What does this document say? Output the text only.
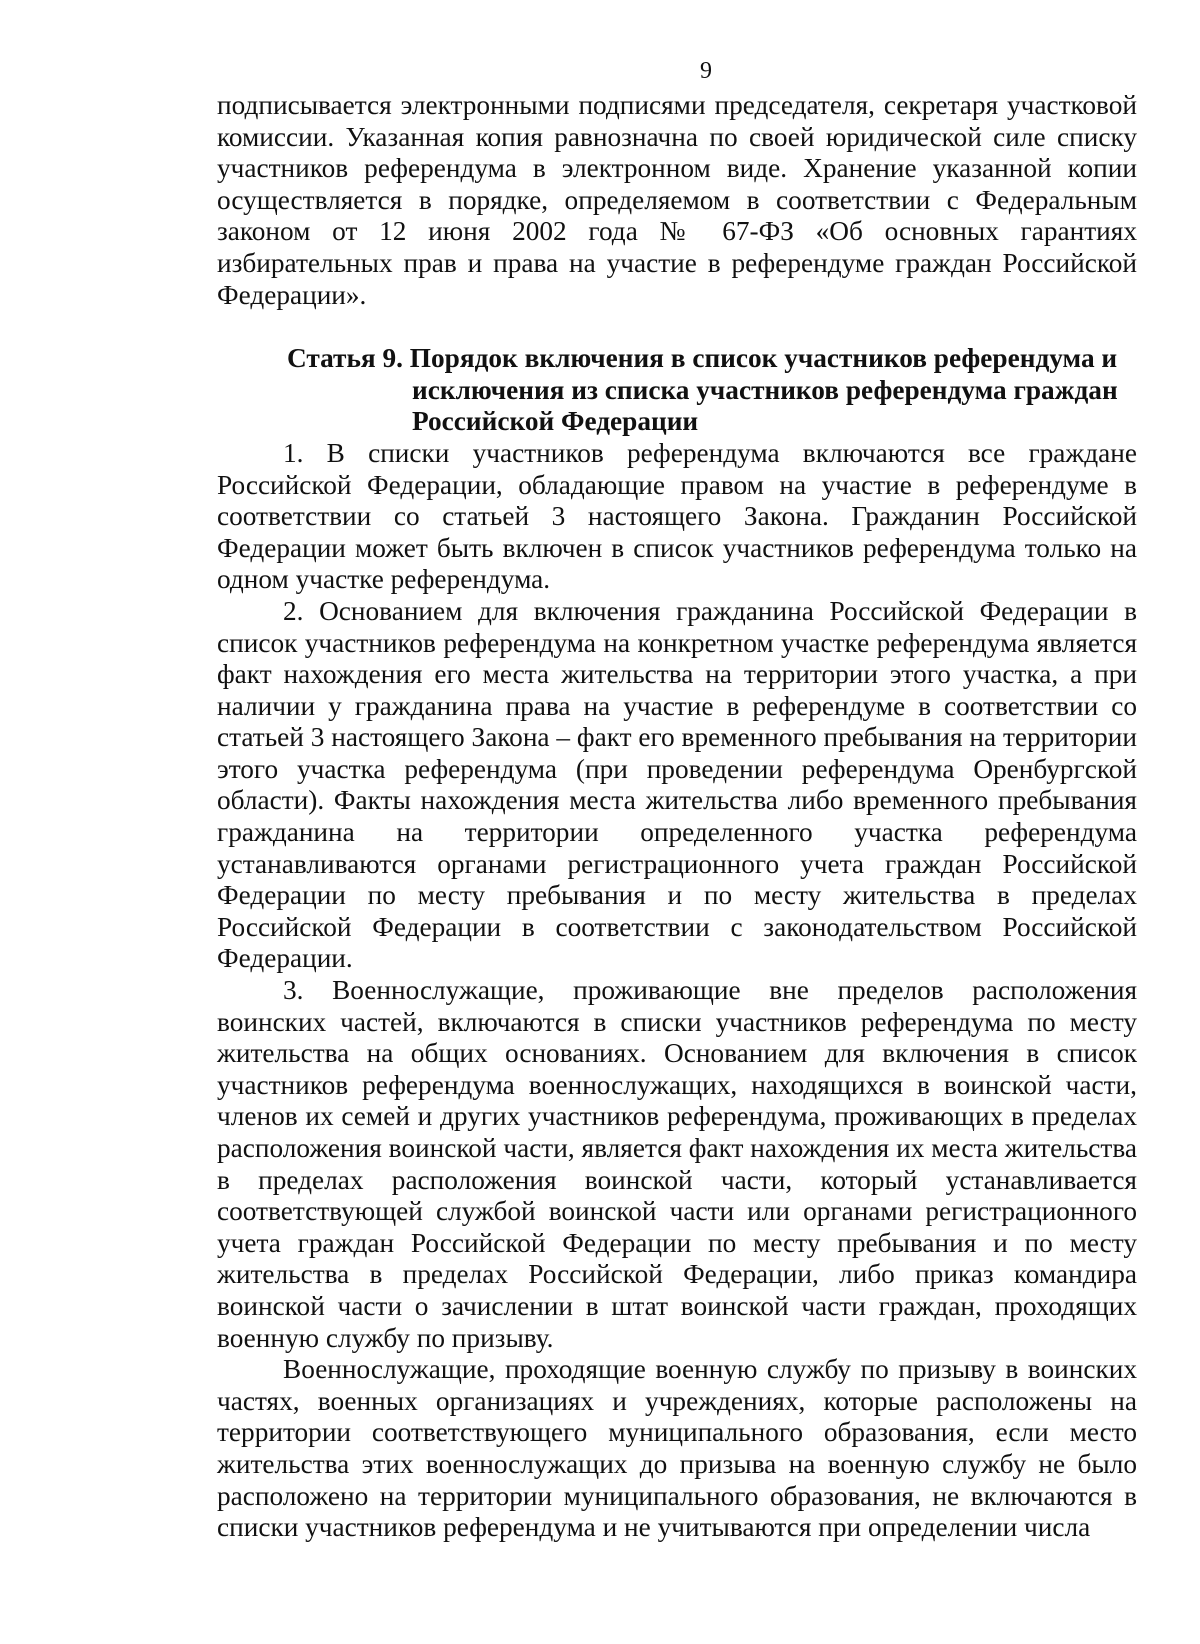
9

подписывается электронными подписями председателя, секретаря участковой комиссии. Указанная копия равнозначна по своей юридической силе списку участников референдума в электронном виде. Хранение указанной копии осуществляется в порядке, определяемом в соответствии с Федеральным законом от 12 июня 2002 года № 67-ФЗ «Об основных гарантиях избирательных прав и права на участие в референдуме граждан Российской Федерации».

Статья 9. Порядок включения в список участников референдума и исключения из списка участников референдума граждан Российской Федерации

1. В списки участников референдума включаются все граждане Российской Федерации, обладающие правом на участие в референдуме в соответствии со статьей 3 настоящего Закона. Гражданин Российской Федерации может быть включен в список участников референдума только на одном участке референдума.

2. Основанием для включения гражданина Российской Федерации в список участников референдума на конкретном участке референдума является факт нахождения его места жительства на территории этого участка, а при наличии у гражданина права на участие в референдуме в соответствии со статьей 3 настоящего Закона – факт его временного пребывания на территории этого участка референдума (при проведении референдума Оренбургской области). Факты нахождения места жительства либо временного пребывания гражданина на территории определенного участка референдума устанавливаются органами регистрационного учета граждан Российской Федерации по месту пребывания и по месту жительства в пределах Российской Федерации в соответствии с законодательством Российской Федерации.

3. Военнослужащие, проживающие вне пределов расположения воинских частей, включаются в списки участников референдума по месту жительства на общих основаниях. Основанием для включения в список участников референдума военнослужащих, находящихся в воинской части, членов их семей и других участников референдума, проживающих в пределах расположения воинской части, является факт нахождения их места жительства в пределах расположения воинской части, который устанавливается соответствующей службой воинской части или органами регистрационного учета граждан Российской Федерации по месту пребывания и по месту жительства в пределах Российской Федерации, либо приказ командира воинской части о зачислении в штат воинской части граждан, проходящих военную службу по призыву.

Военнослужащие, проходящие военную службу по призыву в воинских частях, военных организациях и учреждениях, которые расположены на территории соответствующего муниципального образования, если место жительства этих военнослужащих до призыва на военную службу не было расположено на территории муниципального образования, не включаются в списки участников референдума и не учитываются при определении числа
